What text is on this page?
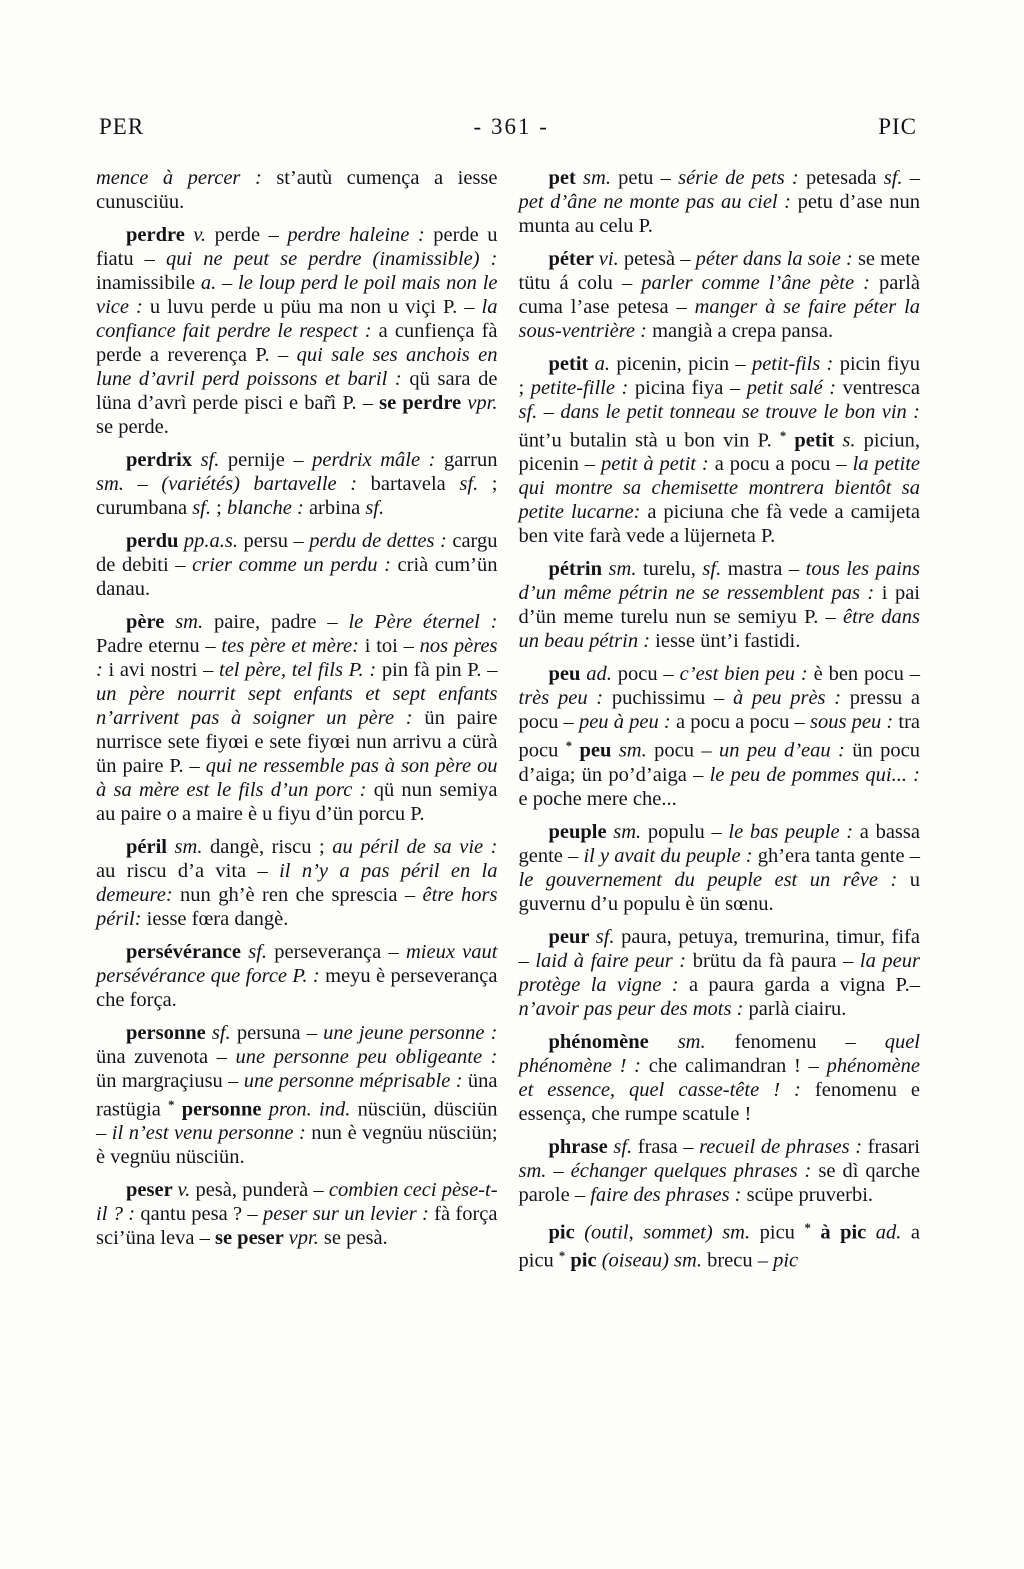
PER	- 361 -	PIC

mence à percer : st’autù cumença a iesse cunusciüu.

perdre v. perde – perdre haleine : perde u fiatu – qui ne peut se perdre (inamissible) : inamissibile a. – le loup perd le poil mais non le vice : u luvu perde u püu ma non u viçi P. – la confiance fait perdre le respect : a cunfiença fà perde a reverença P. – qui sale ses anchois en lune d’avril perd poissons et baril : qü sara de lüna d’avrì perde pisci e bar̃ì P. – se perdre vpr. se perde.

perdrix sf. pernije – perdrix mâle : garrun sm. – (variétés) bartavelle : bartavela sf. ; curumbana sf. ; blanche : arbina sf.

perdu pp.a.s. persu – perdu de dettes : cargu de debiti – crier comme un perdu : crià cum’ün danau.

père sm. paire, padre – le Père éternel : Padre eternu – tes père et mère: i toi – nos pères : i avi nostri – tel père, tel fils P. : pin fà pin P. – un père nourrit sept enfants et sept enfants n’arrivent pas à soigner un père : ün paire nurrisce sete fiyœi e sete fiyœi nun arrivu a cürà ün paire P. – qui ne ressemble pas à son père ou à sa mère est le fils d’un porc : qü nun semiya au paire o a maire è u fiyu d’ün porcu P.

péril sm. dangè, riscu ; au péril de sa vie : au riscu d’a vita – il n’y a pas péril en la demeure: nun gh’è ren che sprescia – être hors péril: iesse fœra dangè.

persévérance sf. perseverança – mieux vaut persévérance que force P. : meyu è perseverança che força.

personne sf. persuna – une jeune personne : üna zuvenota – une personne peu obligeante : ün margraçiusu – une personne méprisable : üna rastügia * personne pron. ind. nüsciün, düsciün – il n’est venu personne : nun è vegnüu nüsciün; è vegnüu nüsciün.

peser v. pesà, punderà – combien ceci pèse-t-il ? : qantu pesa ? – peser sur un levier : fà força sci’üna leva – se peser vpr. se pesà.

pet sm. petu – série de pets : petesada sf. – pet d’âne ne monte pas au ciel : petu d’ase nun munta au celu P.

péter vi. petesà – péter dans la soie : se mete tütu á colu – parler comme l’âne pète : parlà cuma l’ase petesa – manger à se faire péter la sous-ventrière : mangià a crepa pansa.

petit a. picenin, picin – petit-fils : picin fiyu ; petite-fille : picina fiya – petit salé : ventresca sf. – dans le petit tonneau se trouve le bon vin : ünt’u butalin stà u bon vin P. * petit s. piciun, picenin – petit à petit : a pocu a pocu – la petite qui montre sa chemisette montrera bientôt sa petite lucarne: a piciuna che fà vede a camijeta ben vite farà vede a lüjerneta P.

pétrin sm. turelu, sf. mastra – tous les pains d’un même pétrin ne se ressemblent pas : i pai d’ün meme turelu nun se semiyu P. – être dans un beau pétrin : iesse ünt’i fastidi.

peu ad. pocu – c’est bien peu : è ben pocu – très peu : puchissimu – à peu près : pressu a pocu – peu à peu : a pocu a pocu – sous peu : tra pocu * peu sm. pocu – un peu d’eau : ün pocu d’aiga; ün po’d’aiga – le peu de pommes qui... : e poche mere che...

peuple sm. populu – le bas peuple : a bassa gente – il y avait du peuple : gh’era tanta gente – le gouvernement du peuple est un rêve : u guvernu d’u populu è ün sœnu.

peur sf. paura, petuya, tremurina, timur, fifa – laid à faire peur : brütu da fà paura – la peur protège la vigne : a paura garda a vigna P.– n’avoir pas peur des mots : parlà ciairu.

phénomène sm. fenomenu – quel phénomène ! : che calimandran ! – phénomène et essence, quel casse-tête ! : fenomenu e essença, che rumpe scatule !

phrase sf. frasa – recueil de phrases : frasari sm. – échanger quelques phrases : se dì qarche parole – faire des phrases : scüpe pruverbi.

pic (outil, sommet) sm. picu * à pic ad. a picu * pic (oiseau) sm. brecu – pic
